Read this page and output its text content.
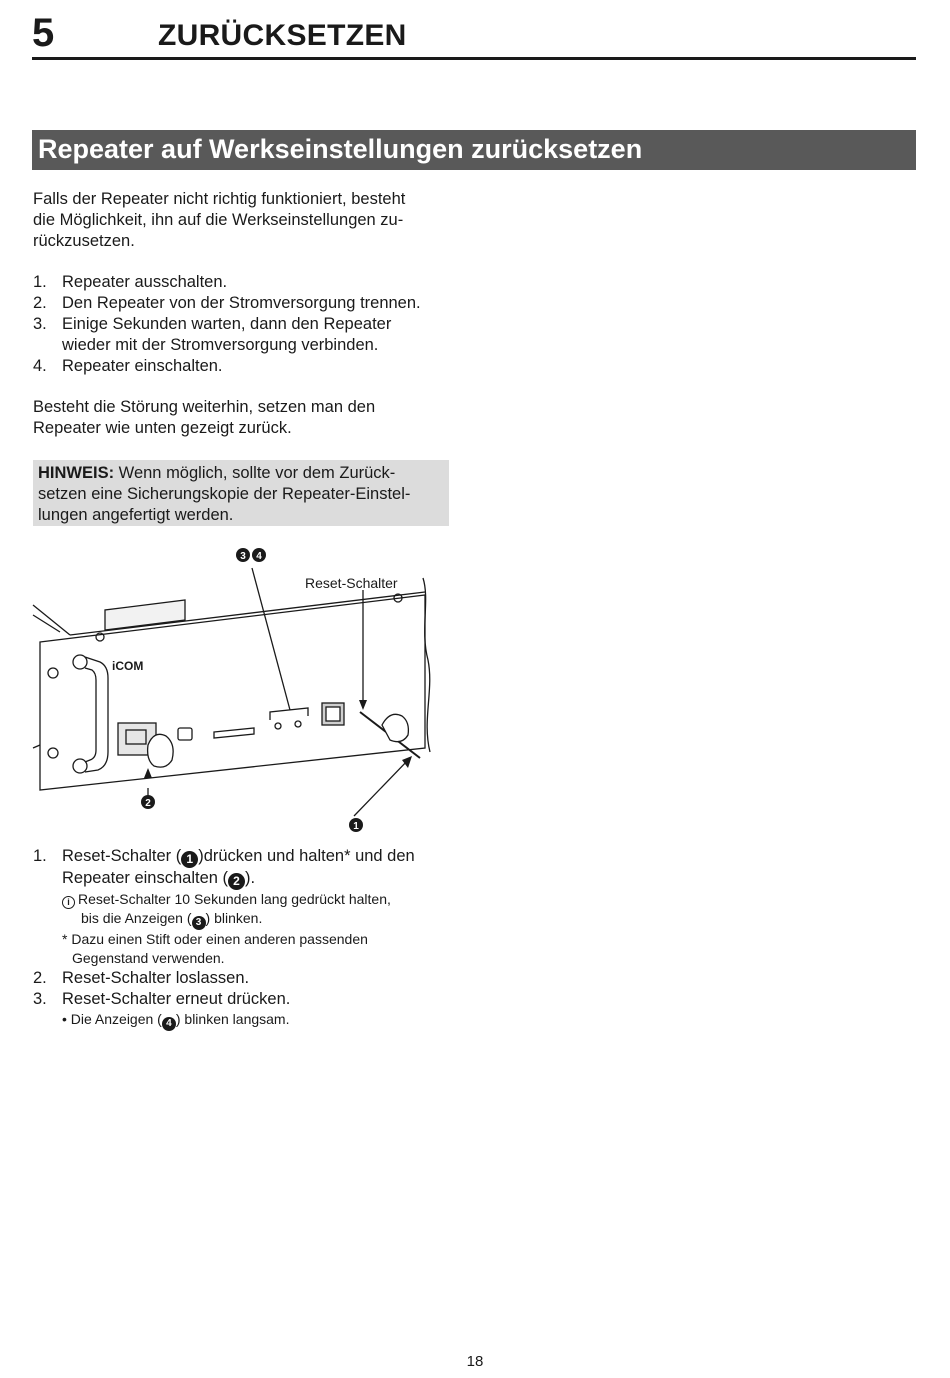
5	ZURÜCKSETZEN
Repeater auf Werkseinstellungen zurücksetzen
Falls der Repeater nicht richtig funktioniert, besteht
die Möglichkeit, ihn auf die Werkseinstellungen zu-
rückzusetzen.
1. Repeater ausschalten.
2. Den Repeater von der Stromversorgung trennen.
3. Einige Sekunden warten, dann den Repeater
wieder mit der Stromversorgung verbinden.
4. Repeater einschalten.
Besteht die Störung weiterhin, setzen man den
Repeater wie unten gezeigt zurück.
HINWEIS: Wenn möglich, sollte vor dem Zurück-
setzen eine Sicherungskopie der Repeater-Einstel-
lungen angefertigt werden.
iCOM
Reset-Schalter
3 4
2
1
1. Reset-Schalter ( 1 )drücken und halten* und den
Repeater einschalten ( 2 ).
i Reset-Schalter 10 Sekunden lang gedrückt halten,
bis die Anzeigen ( 3 ) blinken.
* Dazu einen Stift oder einen anderen passenden
Gegenstand verwenden.
2. Reset-Schalter loslassen.
3. Reset-Schalter erneut drücken.
• Die Anzeigen ( 4 ) blinken langsam.
18
